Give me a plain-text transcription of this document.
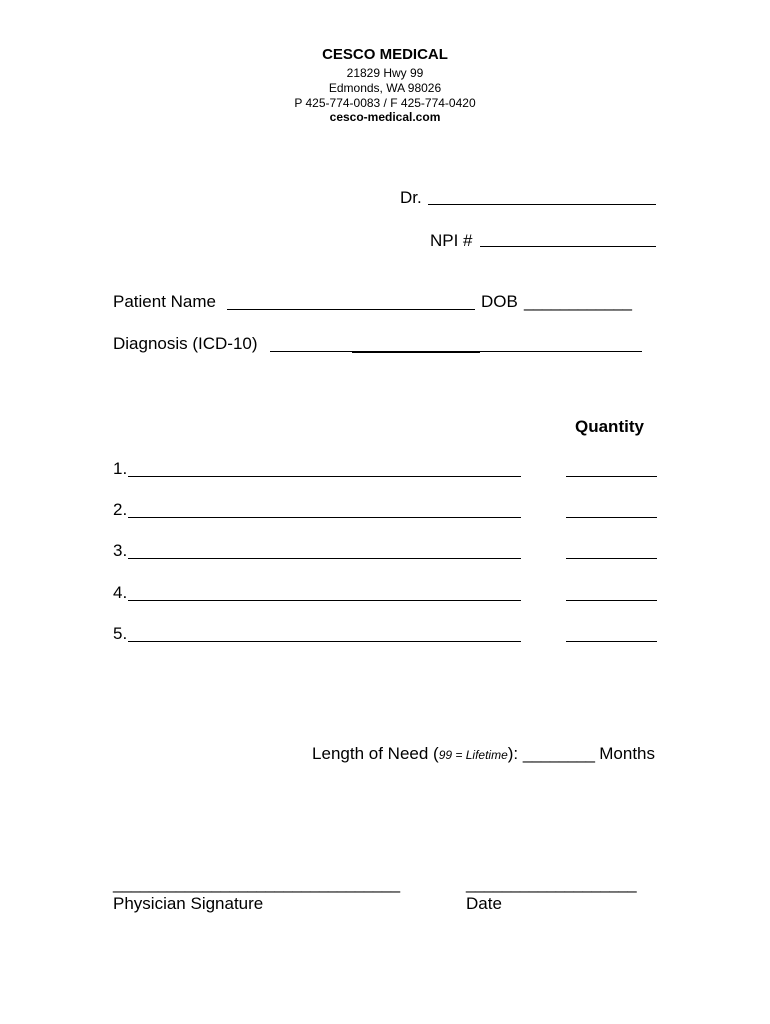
CESCO MEDICAL
21829 Hwy 99
Edmonds, WA 98026
P 425-774-0083 / F 425-774-0420
cesco-medical.com
Dr.
NPI #
Patient Name	DOB ____________
Diagnosis (ICD-10)
Quantity
1.
2.
3.
4.
5.
Length of Need (99 = Lifetime): ________ Months
________________________________
Physician Signature
___________________
Date
